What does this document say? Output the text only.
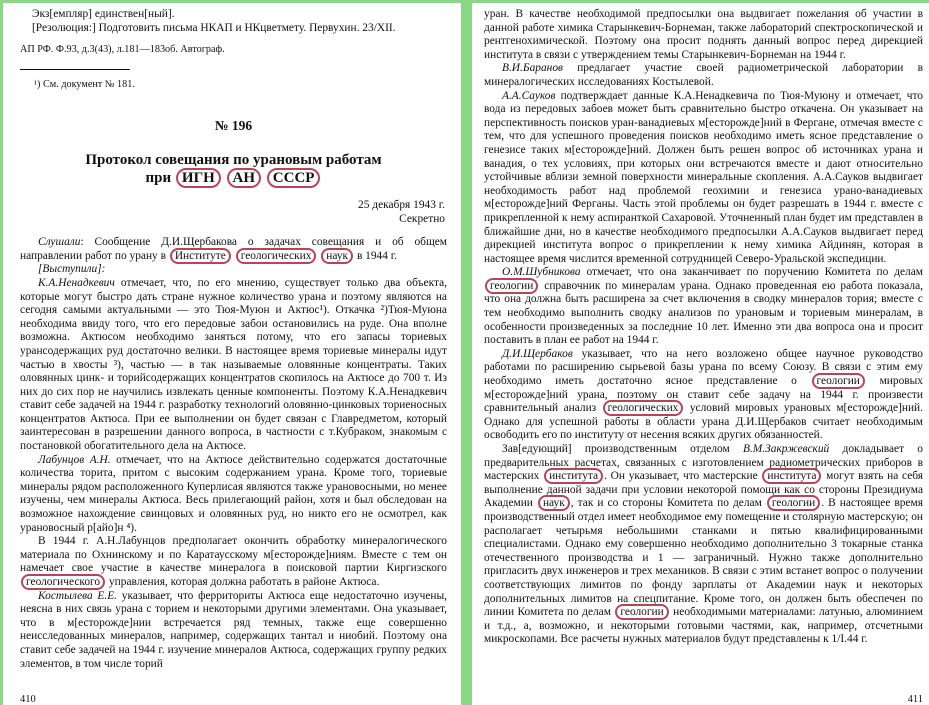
Экз[емпляр] единствен[ный].
[Резолюция:] Подготовить письма НКАП и НКцветмету. Первухин. 23/XII.
АП РФ. Ф.93, д.3(43), л.181—183об. Автограф.
¹) См. документ № 181.
№ 196
Протокол совещания по урановым работам
при ИГН АН СССР
25 декабря 1943 г.
Секретно
Слушали: Сообщение Д.И.Щербакова о задачах совещания и об общем направлении работ по урану в Институте геологических наук в 1944 г.
[Выступили]:
К.А.Ненадкевич отмечает, что, по его мнению, существует только два объекта, которые могут быстро дать стране нужное количество урана и поэтому являются на сегодня самыми актуальными — это Тюя-Муюн и Актюс¹). Откачка ²)Тюя-Муюна необходима ввиду того, что его передовые забои остановились на руде. Она вполне возможна. Актюсом необходимо заняться потому, что его запасы ториевых урансодержащих руд достаточно велики. В настоящее время ториевые минералы идут частью в хвосты ³), частью — в так называемые оловянные концентраты. Таких оловянных цинк- и торийсодержащих концентратов скопилось на Актюсе до 700 т. Из них до сих пор не научились извлекать ценные компоненты. Поэтому К.А.Ненадкевич ставит себе задачей на 1944 г. разработку технологий оловянно-цинковых ториеносных концентратов Актюса. При ее выполнении он будет связан с Главредметом, который заинтересован в разрешении данного вопроса, в частности с т.Кубраком, знакомым с постановкой обогатительного дела на Актюсе.
Лабунцов А.Н. отмечает, что на Актюсе действительно содержатся достаточные количества торита, притом с высоким содержанием урана. Кроме того, ториевые минералы рядом расположенного Куперлисая являются также урановосными, но менее изучены, чем минералы Актюса. Весь прилегающий район, хотя и был обследован на возможное нахождение свинцовых и оловянных руд, но никто его не осмотрел, как урановосный р[айо]н ⁴).
В 1944 г. А.Н.Лабунцов предполагает окончить обработку минералогического материала по Охнинскому и по Каратаусскому м[есторожде]ниям. Вместе с тем он намечает свое участие в качестве минералога в поисковой партии Киргизского геологического управления, которая должна работать в районе Актюса.
Костылева Е.Е. указывает, что ферриториты Актюса еще недостаточно изучены, неясна в них связь урана с торием и некоторыми другими элементами. Она указывает, что в м[есторожде]нии встречается ряд темных, также еще совершенно неисследованных минералов, например, содержащих тантал и ниобий. Поэтому она ставит себе задачей на 1944 г. изучение минералов Актюса, содержащих группу редких элементов, в том числе торий
410
уран. В качестве необходимой предпосылки она выдвигает пожелания об участии в данной работе химика Старынкевич-Борнеман, также лабораторий спектроскопической и рентгенохимической. Поэтому она просит поднять данный вопрос перед дирекцией института в связи с утверждением темы Старынкевич-Борнеман на 1944 г.
В.И.Баранов предлагает участие своей радиометрической лаборатории в минералогических исследованиях Костылевой.
А.А.Сауков подтверждает данные К.А.Ненадкевича по Тюя-Муюну и отмечает, что вода из передовых забоев может быть сравнительно быстро откачена. Он указывает на перспективность поисков уран-ванадиевых м[есторожде]ний в Фергане, отмечая вместе с тем, что для успешного проведения поисков необходимо иметь ясное представление о генезисе таких м[есторожде]ний. Должен быть решен вопрос об источниках урана и ванадия, о тех условиях, при которых они встречаются вместе и дают относительно устойчивые вблизи земной поверхности минеральные скопления. А.А.Сауков выдвигает необходимость работ над проблемой геохимии и генезиса урано-ванадиевых м[есторожде]ний Ферганы. Часть этой проблемы он будет разрешать в 1944 г. вместе с прикрепленной к нему аспиранткой Сахаровой. Уточненный план будет им представлен в ближайшие дни, но в качестве необходимого предпосылки А.А.Сауков выдвигает перед дирекцией института вопрос о прикреплении к нему химика Айдинян, которая в настоящее время числится временной сотрудницей Северо-Уральской экспедиции.
О.М.Шубникова отмечает, что она заканчивает по поручению Комитета по делам геологии справочник по минералам урана. Однако проведенная ею работа показала, что она должна быть расширена за счет включения в сводку минералов тория; вместе с тем необходимо выполнить сводку анализов по урановым и ториевым минералам, в особенности произведенных за последние 10 лет. Именно эти два вопроса она и просит поставить в план ее работ на 1944 г.
Д.И.Щербаков указывает, что на него возложено общее научное руководство работами по расширению сырьевой базы урана по всему Союзу. В связи с этим ему необходимо иметь достаточно ясное представление о геологии мировых м[есторожде]ний урана, поэтому он ставит себе задачу на 1944 г. произвести сравнительный анализ геологических условий мировых урановых м[есторожде]ний. Однако для успешной работы в области урана Д.И.Щербаков считает необходимым освободить его по институту от несения всяких других обязанностей.
Зав[едующий] производственным отделом В.М.Закржевский докладывает о предварительных расчетах, связанных с изготовлением радиометрических приборов в мастерских института . Он указывает, что мастерские института могут взять на себя выполнение данной задачи при условии некоторой помощи как со стороны Президиума Академии наук , так и со стороны Комитета по делам геологии . В настоящее время производственный отдел имеет необходимое ему помещение и столярную мастерскую; он располагает четырьмя небольшими станками и пятью квалифицированными специалистами. Однако ему совершенно необходимо дополнительно 3 токарные станка отечественного производства и 1 — заграничный. Нужно также дополнительно пригласить двух инженеров и трех механиков. В связи с этим встанет вопрос о получении соответствующих лимитов по фонду зарплаты от Академии наук и некоторых дополнительных лимитов на спецпитание. Кроме того, он должен быть обеспечен по линии Комитета по делам геологии необходимыми материалами: латунью, алюминием и т.д., а, возможно, и некоторыми готовыми частями, как, например, отсчетными микроскопами. Все расчеты нужных материалов будут представлены к 1/I.44 г.
411
